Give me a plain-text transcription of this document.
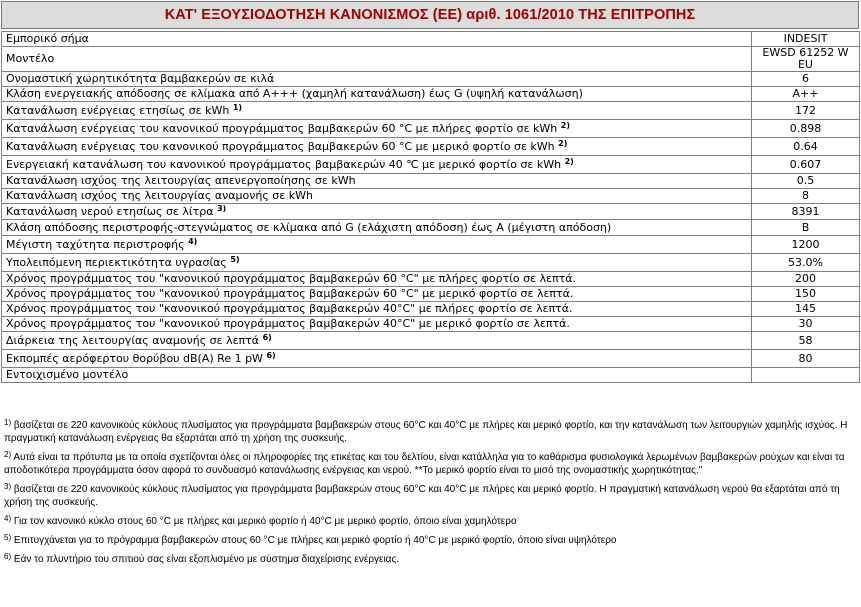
ΚΑΤ' ΕΞΟΥΣΙΟΔΟΤΗΣΗ ΚΑΝΟΝΙΣΜΟΣ (ΕΕ) αριθ. 1061/2010 ΤΗΣ ΕΠΙΤΡΟΠΗΣ
Εμπορικό σήμα	INDESIT
Μοντέλο	EWSD 61252 W EU
Ονομαστική χωρητικότητα βαμβακερών σε κιλά	6
Κλάση ενεργειακής απόδοσης σε κλίμακα από A+++ (χαμηλή κατανάλωση) έως G (υψηλή κατανάλωση)	A++
Κατανάλωση ενέργειας ετησίως σε kWh $^{1)}$	172
Κατανάλωση ενέργειας του κανονικού προγράμματος βαμβακερών 60 °C με πλήρες φορτίο σε kWh $^{2)}$	0.898
Κατανάλωση ενέργειας του κανονικού προγράμματος βαμβακερών 60 °C με μερικό φορτίο σε kWh $^{2)}$	0.64
Ενεργειακή κατανάλωση του κανονικού προγράμματος βαμβακερών 40 ℃ με μερικό φορτίο σε kWh $^{2)}$	0.607
Κατανάλωση ισχύος της λειτουργίας απενεργοποίησης σε kWh	0.5
Κατανάλωση ισχύος της λειτουργίας αναμονής σε kWh	8
Κατανάλωση νερού ετησίως σε λίτρα $^{3)}$	8391
Κλάση απόδοσης περιστροφής-στεγνώματος σε κλίμακα από G (ελάχιστη απόδοση) έως A (μέγιστη απόδοση)	B
Μέγιστη ταχύτητα περιστροφής $^{4)}$	1200
Υπολειπόμενη περιεκτικότητα υγρασίας $^{5)}$	53.0%
Χρόνος προγράμματος του "κανονικού προγράμματος βαμβακερών 60 °C" με πλήρες φορτίο σε λεπτά.	200
Χρόνος προγράμματος του "κανονικού προγράμματος βαμβακερών 60 °C" με μερικό φορτίο σε λεπτά.	150
Χρόνος προγράμματος του "κανονικού προγράμματος βαμβακερών 40°C" με πλήρες φορτίο σε λεπτά.	145
Χρόνος προγράμματος του "κανονικού προγράμματος βαμβακερών 40°C" με μερικό φορτίο σε λεπτά.	30
Διάρκεια της λειτουργίας αναμονής σε λεπτά $^{6)}$	58
Εκπομπές αερόφερτου θορύβου dB(A) Re 1 pW $^{6)}$	80
Εντοιχισμένο μοντέλο	
$^{1)}$ βασίζεται σε 220 κανονικούς κύκλους πλυσίματος για προγράμματα βαμβακερών στους 60°C και 40°C με πλήρες και μερικό φορτίο, και την κατανάλωση των λειτουργιών χαμηλής ισχύος. Η πραγματική κατανάλωση ενέργειας θα εξαρτάται από τη χρήση της συσκευής.
$^{2)}$ Αυτά είναι τα πρότυπα με τα οποία σχετίζονται όλες οι πληροφορίες της ετικέτας και του δελτίου, είναι κατάλληλα για το καθάρισμα φυσιολογικά λερωμένων βαμβακερών ρούχων και είναι τα αποδοτικότερα προγράμματα όσον αφορά το συνδυασμό κατανάλωσης ενέργειας και νερού. **Το μερικό φορτίο είναι το μισό της ονομαστικής χωρητικότητας."
$^{3)}$ βασίζεται σε 220 κανονικούς κύκλους πλυσίματος για προγράμματα βαμβακερών στους 60°C και 40°C με πλήρες και μερικό φορτίο. Η πραγματική κατανάλωση νερού θα εξαρτάται από τη χρήση της συσκευής.
$^{4)}$ Για τον κανονικό κύκλο στους 60 °C με πλήρες και μερικό φορτίο ή 40°C με μερικό φορτίο, όποιο είναι χαμηλότερο
$^{5)}$ Επιτυγχάνεται για το πρόγραμμα βαμβακερών στους 60 °C με πλήρες και μερικό φορτίο ή 40°C με μερικό φορτίο, όποιο είναι υψηλότερο
$^{6)}$ Εάν το πλυντήριο του σπιτιού σας είναι εξοπλισμένο με σύστημα διαχείρισης ενέργειας.
